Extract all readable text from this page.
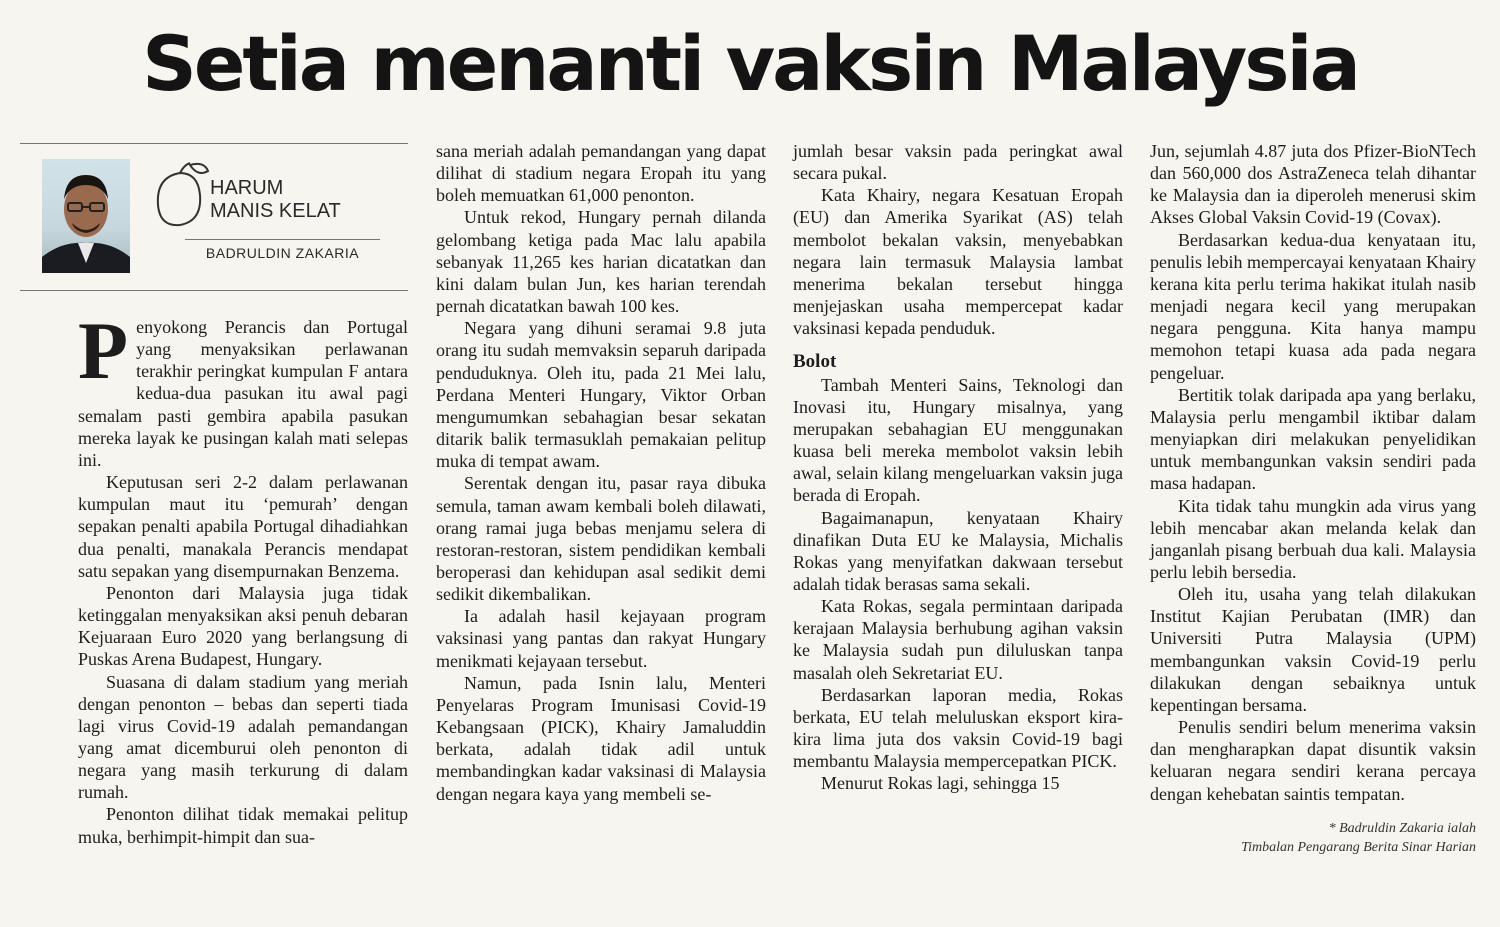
Setia menanti vaksin Malaysia
HARUM
MANIS KELAT
BADRULDIN ZAKARIA

Penyokong Perancis dan Portugal yang menyaksikan perlawanan terakhir peringkat kumpulan F antara kedua-dua pasukan itu awal pagi semalam pasti gembira apabila pasukan mereka layak ke pusingan kalah mati selepas ini.

Keputusan seri 2-2 dalam perlawanan kumpulan maut itu ‘pemurah’ dengan sepakan penalti apabila Portugal dihadiahkan dua penalti, manakala Perancis mendapat satu sepakan yang disempurnakan Benzema.

Penonton dari Malaysia juga tidak ketinggalan menyaksikan aksi penuh debaran Kejuaraan Euro 2020 yang berlangsung di Puskas Arena Budapest, Hungary.

Suasana di dalam stadium yang meriah dengan penonton – bebas dan seperti tiada lagi virus Covid-19 adalah pemandangan yang amat dicemburui oleh penonton di negara yang masih terkurung di dalam rumah.

Penonton dilihat tidak memakai pelitup muka, berhimpit-himpit dan sua-

sana meriah adalah pemandangan yang dapat dilihat di stadium negara Eropah itu yang boleh memuatkan 61,000 penonton.

Untuk rekod, Hungary pernah dilanda gelombang ketiga pada Mac lalu apabila sebanyak 11,265 kes harian dicatatkan dan kini dalam bulan Jun, kes harian terendah pernah dicatatkan bawah 100 kes.

Negara yang dihuni seramai 9.8 juta orang itu sudah memvaksin separuh daripada penduduknya. Oleh itu, pada 21 Mei lalu, Perdana Menteri Hungary, Viktor Orban mengumumkan sebahagian besar sekatan ditarik balik termasuklah pemakaian pelitup muka di tempat awam.

Serentak dengan itu, pasar raya dibuka semula, taman awam kembali boleh dilawati, orang ramai juga bebas menjamu selera di restoran-restoran, sistem pendidikan kembali beroperasi dan kehidupan asal sedikit demi sedikit dikembalikan.

Ia adalah hasil kejayaan program vaksinasi yang pantas dan rakyat Hungary menikmati kejayaan tersebut.

Namun, pada Isnin lalu, Menteri Penyelaras Program Imunisasi Covid-19 Kebangsaan (PICK), Khairy Jamaluddin berkata, adalah tidak adil untuk membandingkan kadar vaksinasi di Malaysia dengan negara kaya yang membeli se-

jumlah besar vaksin pada peringkat awal secara pukal.

Kata Khairy, negara Kesatuan Eropah (EU) dan Amerika Syarikat (AS) telah membolot bekalan vaksin, menyebabkan negara lain termasuk Malaysia lambat menerima bekalan tersebut hingga menjejaskan usaha mempercepat kadar vaksinasi kepada penduduk.

Bolot

Tambah Menteri Sains, Teknologi dan Inovasi itu, Hungary misalnya, yang merupakan sebahagian EU menggunakan kuasa beli mereka membolot vaksin lebih awal, selain kilang mengeluarkan vaksin juga berada di Eropah.

Bagaimanapun, kenyataan Khairy dinafikan Duta EU ke Malaysia, Michalis Rokas yang menyifatkan dakwaan tersebut adalah tidak berasas sama sekali.

Kata Rokas, segala permintaan daripada kerajaan Malaysia berhubung agihan vaksin ke Malaysia sudah pun diluluskan tanpa masalah oleh Sekretariat EU.

Berdasarkan laporan media, Rokas berkata, EU telah meluluskan eksport kira-kira lima juta dos vaksin Covid-19 bagi membantu Malaysia mempercepatkan PICK.

Menurut Rokas lagi, sehingga 15

Jun, sejumlah 4.87 juta dos Pfizer-BioNTech dan 560,000 dos AstraZeneca telah dihantar ke Malaysia dan ia diperoleh menerusi skim Akses Global Vaksin Covid-19 (Covax).

Berdasarkan kedua-dua kenyataan itu, penulis lebih mempercayai kenyataan Khairy kerana kita perlu terima hakikat itulah nasib menjadi negara kecil yang merupakan negara pengguna. Kita hanya mampu memohon tetapi kuasa ada pada negara pengeluar.

Bertitik tolak daripada apa yang berlaku, Malaysia perlu mengambil iktibar dalam menyiapkan diri melakukan penyelidikan untuk membangunkan vaksin sendiri pada masa hadapan.

Kita tidak tahu mungkin ada virus yang lebih mencabar akan melanda kelak dan janganlah pisang berbuah dua kali. Malaysia perlu lebih bersedia.

Oleh itu, usaha yang telah dilakukan Institut Kajian Perubatan (IMR) dan Universiti Putra Malaysia (UPM) membangunkan vaksin Covid-19 perlu dilakukan dengan sebaiknya untuk kepentingan bersama.

Penulis sendiri belum menerima vaksin dan mengharapkan dapat disuntik vaksin keluaran negara sendiri kerana percaya dengan kehebatan saintis tempatan.

* Badruldin Zakaria ialah
Timbalan Pengarang Berita Sinar Harian
